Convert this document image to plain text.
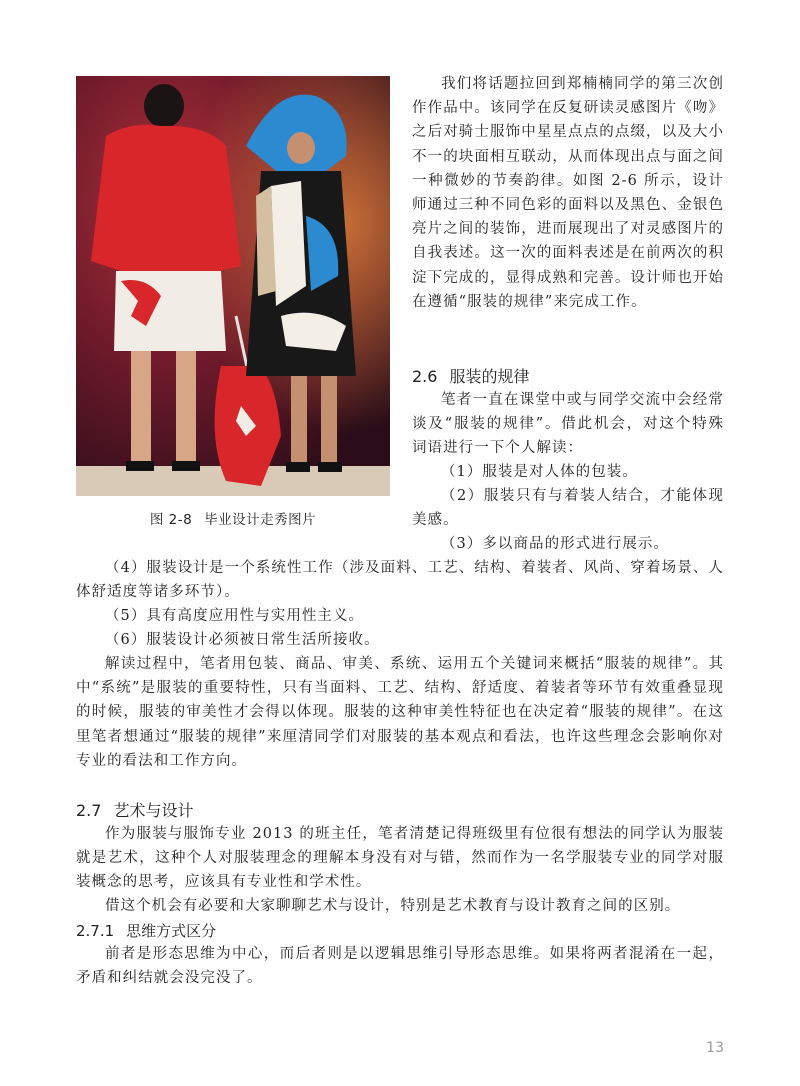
图 2-8 毕业设计走秀图片

我们将话题拉回到郑楠楠同学的第三次创作作品中。该同学在反复研读灵感图片《吻》之后对骑士服饰中星星点点的点缀，以及大小不一的块面相互联动，从而体现出点与面之间一种微妙的节奏韵律。如图 2-6 所示，设计师通过三种不同色彩的面料以及黑色、金银色亮片之间的装饰，进而展现出了对灵感图片的自我表述。这一次的面料表述是在前两次的积淀下完成的，显得成熟和完善。设计师也开始在遵循“服装的规律”来完成工作。

2.6 服装的规律

笔者一直在课堂中或与同学交流中会经常谈及“服装的规律”。借此机会，对这个特殊词语进行一下个人解读：

（1）服装是对人体的包装。

（2）服装只有与着装人结合，才能体现美感。

（3）多以商品的形式进行展示。

（4）服装设计是一个系统性工作（涉及面料、工艺、结构、着装者、风尚、穿着场景、人体舒适度等诸多环节）。

（5）具有高度应用性与实用性主义。

（6）服装设计必须被日常生活所接收。

解读过程中，笔者用包装、商品、审美、系统、运用五个关键词来概括“服装的规律”。其中“系统”是服装的重要特性，只有当面料、工艺、结构、舒适度、着装者等环节有效重叠显现的时候，服装的审美性才会得以体现。服装的这种审美性特征也在决定着“服装的规律”。在这里笔者想通过“服装的规律”来厘清同学们对服装的基本观点和看法，也许这些理念会影响你对专业的看法和工作方向。

2.7 艺术与设计

作为服装与服饰专业 2013 的班主任，笔者清楚记得班级里有位很有想法的同学认为服装就是艺术，这种个人对服装理念的理解本身没有对与错，然而作为一名学服装专业的同学对服装概念的思考，应该具有专业性和学术性。

借这个机会有必要和大家聊聊艺术与设计，特别是艺术教育与设计教育之间的区别。

2.7.1 思维方式区分

前者是形态思维为中心，而后者则是以逻辑思维引导形态思维。如果将两者混淆在一起，矛盾和纠结就会没完没了。

13
